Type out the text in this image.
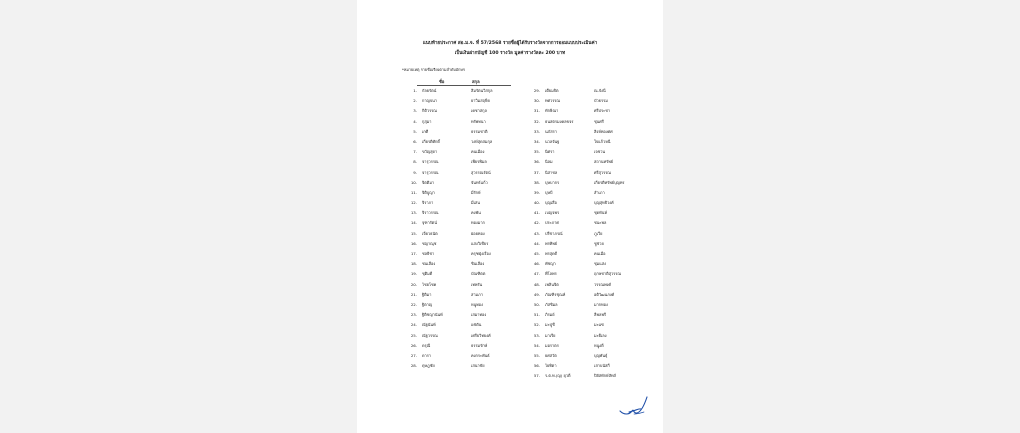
แนบท้ายประกาศ สอ.ม.จ. ที่ 57/2568 รายชื่อผู้ได้รับรางวัลจากการออมแบบประเมินค่า
เป็นเงินฝากบัญชี 100 รางวัล มูลค่ารางวัลละ 200 บาท
*หมายเหตุ รายชื่อเรียงตามลำดับอักษร
ชื่อ	สกุล
1. กัลยรัตน์	สิมรัตนวิสกุล
2. กาญจนา	ยาวิมสฤษิ่ย
3. กิติวรรณ	เคชาสกุล
4. กุสุมา	ทรัพทนา
5. เกศี	ธรรมชาติ
6. เกียรติศักดิ์	วงษ์สุดสมกุล
7. ขวัญสุดา	คนเมือง
8. จารุวรรณ	เพียรพิมล
9. จารุวรรณ	สุวรรณรัตน์
10. จิตติมา	จันทร์แก้ว
11. จิติบูญา	มีรักษ์
12. จิราภา	มีเสน
13. จิราวรรณ	คงพัน
14. จุฑารัตน์	ทองมาก
15. เจียวธนัต	ฝอยทอง
16. ชญาณุช	แสงวิเชียร
17. ชลธิชา	ครุฑฝุ่งเรือง
18. ชนเลือง	ชินเลือง
19. ชุติมดี	บัณฑิตต
20. ไชยโชค	เทพรัน
21. ฐิติมา	สามภา
22. ฐิตาญ	หนูทอง
23. ฐิติชญานันท์	เสมาทอง
24. ณัฐนันท์	แซ่ตัน
25. ณัฐวรรณ	เศรียวิทยงศ์
26. ดรุณี	ธรรมรักษ์
27. ดารา	คงกระพันธ์
28. ดุษฎชัย	เสนาชัย
29. เตียมจิต	ณ.จังนี
30. ทศวรรณ	บัวธรรม
31. ทักษิณา	ศรีประชา
32. ธนสตรมงคลขจร	ชุนศรี
33. นภัสรา	สิงห์ทองศศ
34. นวลจันฐ	ใจแก้วหนี
35. นิศรา	เจชวน
36. นิลม	สถานทรัพย์
37. นิสาชล	ศรีสุวรรณ
38. บุษบากร	เกียรติทรัพย์บุญทร
39. บุษบี	สำเภา
40. บุญเสือ	บุญสุทธิวงศ์
41. เบญจพร	ชุดทันห์
42. ประภาศ	ชนะพล
43. ปรีชาภรณ์	ภูเวีย
44. พรทิพย์	ชูช่วย
45. พรสุดดี	คนเมือ
46. พัชญา	ชุมแสง
47. พีโลพร	ฤกษชาติสุวรรณ
48. เพลินจิต	วรรณพงศ์
49. ภัณฑิรชุณห์	อติวัฒนภงศ์
50. ภัสชิมล	มากทอง
51. ภิรมย์	ลีพลพรี
52. มะปูชี	มะแซ
53. มาเรีย	มะยีเลง
54. มอราตร	หนูงดี
55. ยศสวัต	บุญพันธุ์
56. ไยทิตา	เล่าบนัสกี
57. ร.ต.ท.(ญ) ยุวดี	ปิยัสทักษ์สัทส์
